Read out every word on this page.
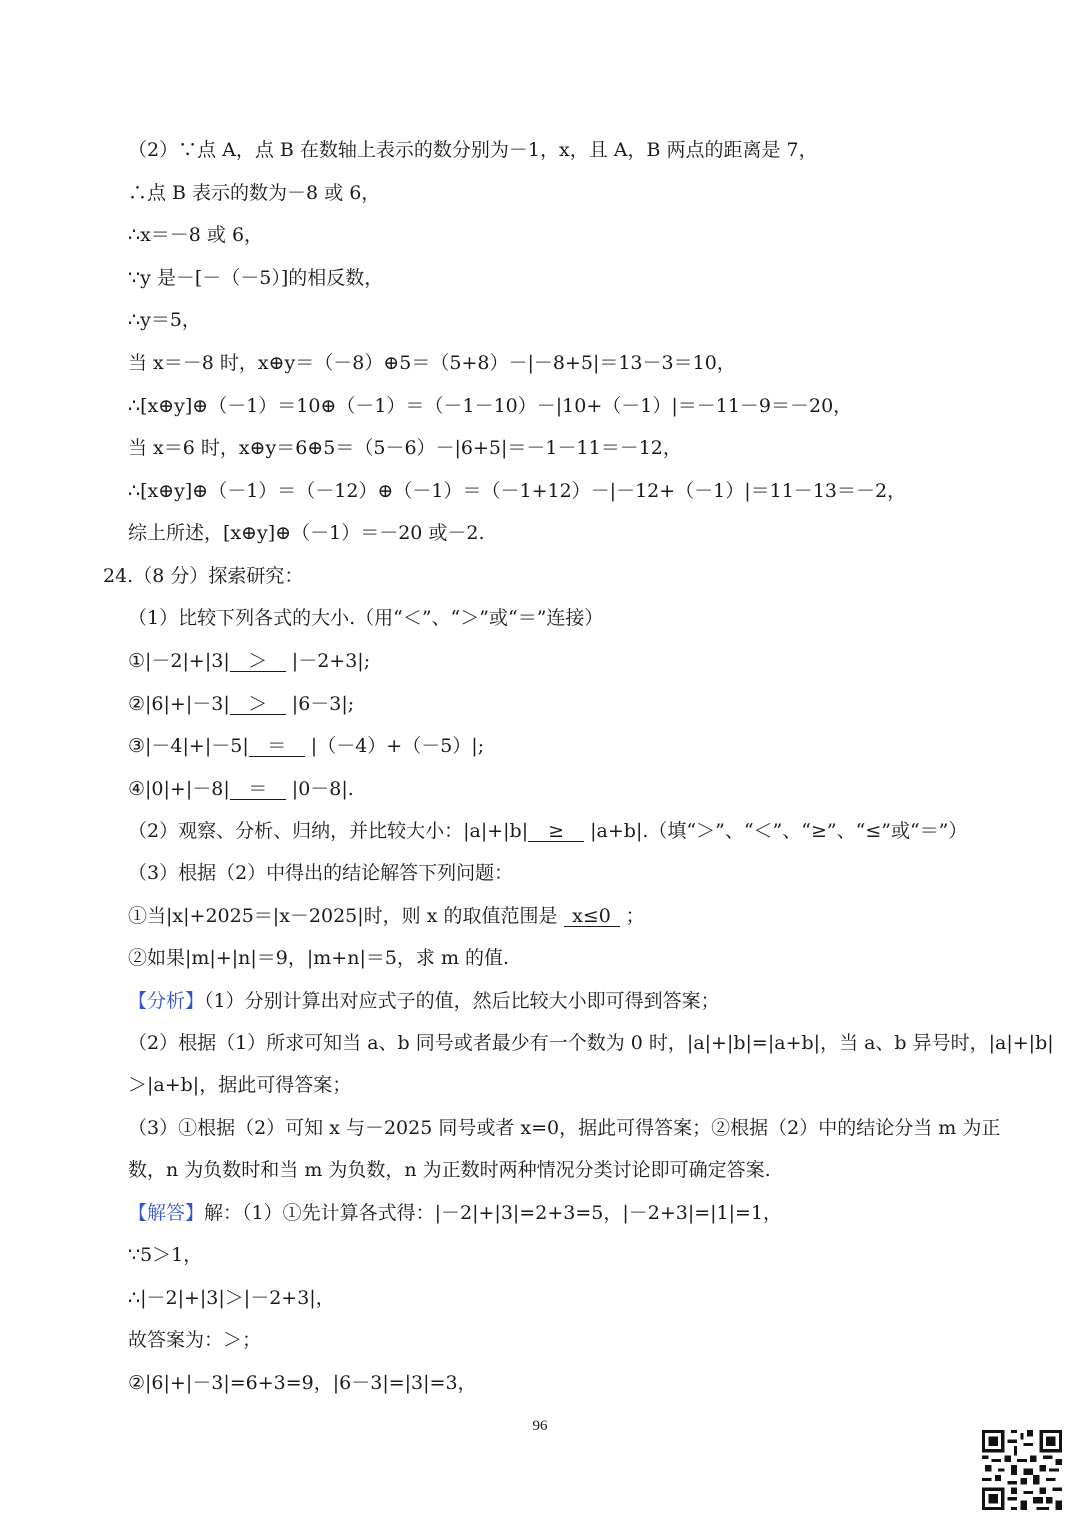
（2）∵点 A，点 B 在数轴上表示的数分别为－1，x，且 A，B 两点的距离是 7，
∴点 B 表示的数为－8 或 6，
∴x＝－8 或 6，
∵y 是－[－（－5）]的相反数，
∴y＝5，
当 x＝－8 时，x⊕y＝（－8）⊕5＝（5+8）－|－8+5|＝13－3＝10，
∴[x⊕y]⊕（－1）＝10⊕（－1）＝（－1－10）－|10+（－1）|＝－11－9＝－20，
当 x＝6 时，x⊕y＝6⊕5＝（5－6）－|6+5|＝－1－11＝－12，
∴[x⊕y]⊕（－1）＝（－12）⊕（－1）＝（－1+12）－|－12+（－1）|＝11－13＝－2，
综上所述，[x⊕y]⊕（－1）＝－20 或－2.
24.（8 分）探索研究：
（1）比较下列各式的大小.（用“＜”、“＞”或“＝”连接）
①|－2|+|3| ＞ |－2+3|;
②|6|+|－3| ＞ |6－3|;
③|－4|+|－5| ＝ |（－4）+（－5）|;
④|0|+|－8| ＝ |0－8|.
（2）观察、分析、归纳，并比较大小：|a|+|b| ≥ |a+b|.（填“＞”、“＜”、“≥”、“≤”或“＝”）
（3）根据（2）中得出的结论解答下列问题：
①当|x|+2025＝|x－2025|时，则 x 的取值范围是 x≤0 ；
②如果|m|+|n|＝9，|m+n|＝5，求 m 的值.
【分析】（1）分别计算出对应式子的值，然后比较大小即可得到答案；
（2）根据（1）所求可知当 a、b 同号或者最少有一个数为 0 时，|a|+|b|=|a+b|，当 a、b 异号时，|a|+|b|
＞|a+b|，据此可得答案；
（3）①根据（2）可知 x 与－2025 同号或者 x=0，据此可得答案；②根据（2）中的结论分当 m 为正
数，n 为负数时和当 m 为负数，n 为正数时两种情况分类讨论即可确定答案.
【解答】解：（1）①先计算各式得：|－2|+|3|=2+3=5，|－2+3|=|1|=1，
∵5＞1，
∴|－2|+|3|＞|－2+3|，
故答案为：＞；
②|6|+|－3|=6+3=9，|6－3|=|3|=3，
96
